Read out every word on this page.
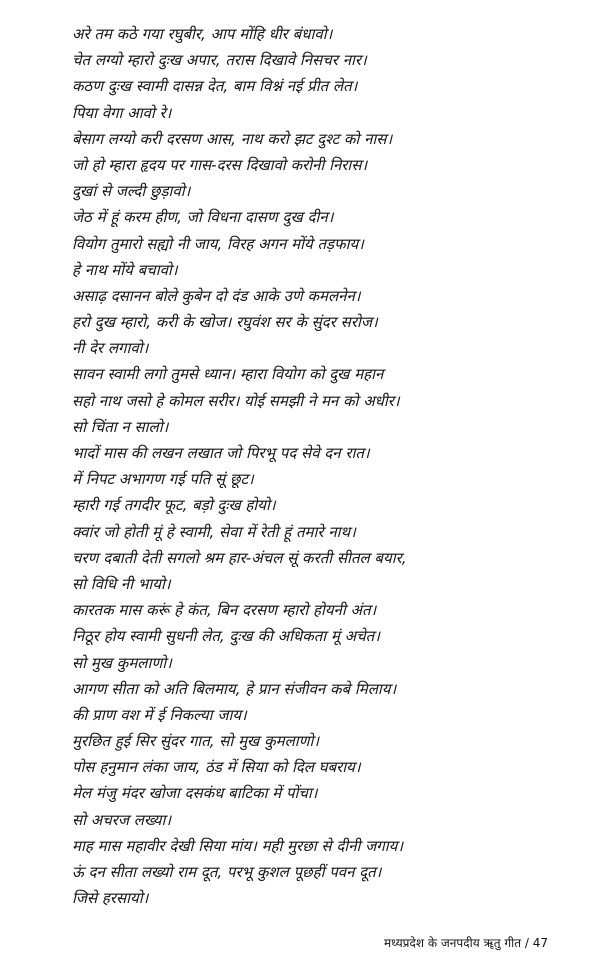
अरे तम कठे गया रघुबीर, आप मोंहि धीर बंधावो।
चेत लग्यो म्हारो दुःख अपार, तरास दिखावे निसचर नार।
कठण दुःख स्वामी दासन्न देत, बाम विश्नं नई प्रीत लेत।
पिया वेगा आवो रे।
बेसाग लग्यो करी दरसण आस, नाथ करो झट दुश्ट को नास।
जो हो म्हारा हृदय पर गास-दरस दिखावो करोनी निरास।
दुखां से जल्दी छुड़ावो।
जेठ में हूं करम हीण, जो विधना दासण दुख दीन।
वियोग तुमारो सह्यो नी जाय, विरह अगन मोंये तड़फाय।
हे नाथ मोंये बचावो।
असाढ़ दसानन बोले कुबेन दो दंड आके उणे कमलनेन।
हरो दुख म्हारो, करी के खोज। रघुवंश सर के सुंदर सरोज।
नी देर लगावो।
सावन स्वामी लगो तुमसे ध्यान। म्हारा वियोग को दुख महान
सहो नाथ जसो हे कोमल सरीर। योई समझी ने मन को अधीर।
सो चिंता न सालो।
भादों मास की लखन लखात जो पिरभू पद सेवे दन रात।
में निपट अभागण गई पति सूं छूट।
म्हारी गई तगदीर फूट, बड़ो दुःख होयो।
क्वांर जो होती मूं हे स्वामी, सेवा में रेती हूं तमारे नाथ।
चरण दबाती देती सगलो श्रम हार-अंचल सूं करती सीतल बयार,
सो विधि नी भायो।
कारतक मास करूं हे कंत, बिन दरसण म्हारो होयनी अंत।
निठूर होय स्वामी सुधनी लेत, दुःख की अधिकता मूं अचेत।
सो मुख कुमलाणो।
आगण सीता को अति बिलमाय, हे प्रान संजीवन कबे मिलाय।
की प्राण वश में ई निकल्या जाय।
मुरछित हुई सिर सुंदर गात, सो मुख कुमलाणो।
पोस हनुमान लंका जाय, ठंड में सिया को दिल घबराय।
मेल मंजु मंदर खोजा दसकंध बाटिका में पोंचा।
सो अचरज लख्या।
माह मास महावीर देखी सिया मांय। मही मुरछा से दीनी जगाय।
ऊं दन सीता लख्यो राम दूत, परभू कुशल पूछहीं पवन दूत।
जिसे हरसायो।
मध्यप्रदेश के जनपदीय ॠतु गीत / 47
